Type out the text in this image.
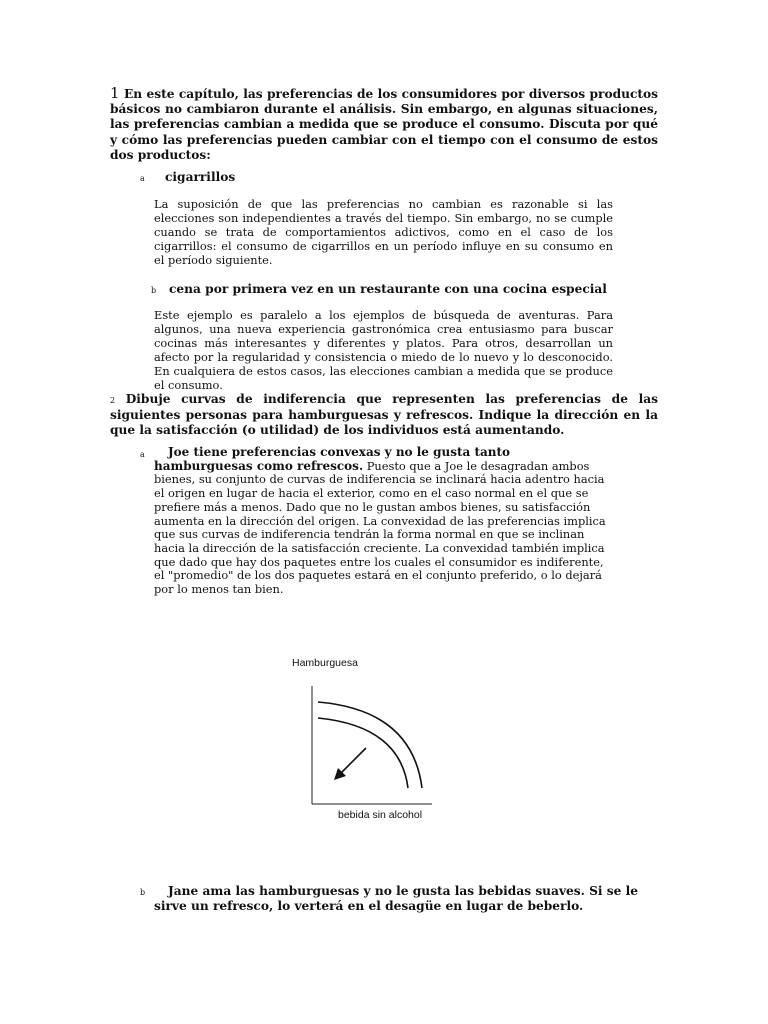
1 En este capítulo, las preferencias de los consumidores por diversos productos básicos no cambiaron durante el análisis. Sin embargo, en algunas situaciones, las preferencias cambian a medida que se produce el consumo. Discuta por qué y cómo las preferencias pueden cambiar con el tiempo con el consumo de estos dos productos:
a cigarrillos
La suposición de que las preferencias no cambian es razonable si las elecciones son independientes a través del tiempo. Sin embargo, no se cumple cuando se trata de comportamientos adictivos, como en el caso de los cigarrillos: el consumo de cigarrillos en un período influye en su consumo en el período siguiente.
b cena por primera vez en un restaurante con una cocina especial
Este ejemplo es paralelo a los ejemplos de búsqueda de aventuras. Para algunos, una nueva experiencia gastronómica crea entusiasmo para buscar cocinas más interesantes y diferentes y platos. Para otros, desarrollan un afecto por la regularidad y consistencia o miedo de lo nuevo y lo desconocido. En cualquiera de estos casos, las elecciones cambian a medida que se produce el consumo.
2 Dibuje curvas de indiferencia que representen las preferencias de las siguientes personas para hamburguesas y refrescos. Indique la dirección en la que la satisfacción (o utilidad) de los individuos está aumentando.
a	Joe tiene preferencias convexas y no le gusta tanto hamburguesas como refrescos. Puesto que a Joe le desagradan ambos bienes, su conjunto de curvas de indiferencia se inclinará hacia adentro hacia el origen en lugar de hacia el exterior, como en el caso normal en el que se prefiere más a menos. Dado que no le gustan ambos bienes, su satisfacción aumenta en la dirección del origen. La convexidad de las preferencias implica que sus curvas de indiferencia tendrán la forma normal en que se inclinan hacia la dirección de la satisfacción creciente. La convexidad también implica que dado que hay dos paquetes entre los cuales el consumidor es indiferente, el "promedio" de los dos paquetes estará en el conjunto preferido, o lo dejará por lo menos tan bien.
Hamburguesa
bebida sin alcohol
b	Jane ama las hamburguesas y no le gusta las bebidas suaves. Si se le sirve un refresco, lo verterá en el desagüe en lugar de beberlo.
